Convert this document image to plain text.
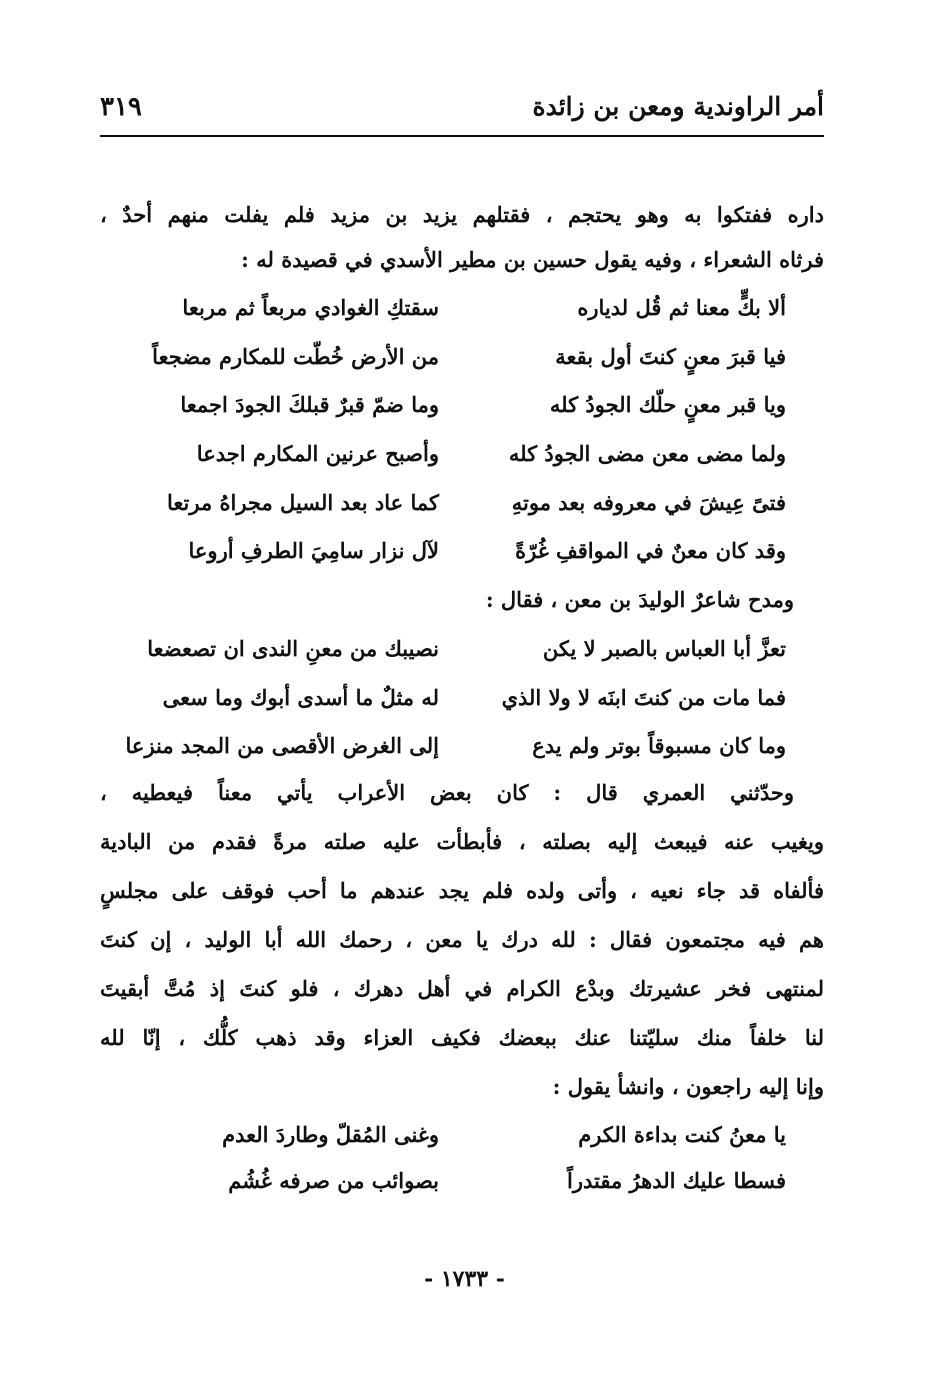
أمر الراوندية ومعن بن زائدة
٣١٩

داره ففتكوا به وهو يحتجم ، فقتلهم يزيد بن مزيد فلم يفلت منهم أحدٌ ،

فرثاه الشعراء ، وفيه يقول حسين بن مطير الأسدي في قصيدة له :

ألا بكٍّ معنا ثم قُل لدياره

سقتكِ الغوادي مربعاً ثم مربعا

فيا قبرَ معنٍ كنتَ أول بقعة

من الأرض خُطّت للمكارم مضجعاً

ويا قبر معنٍ حلّك الجودُ كله

وما ضمّ قبرٌ قبلكَ الجودَ اجمعا

ولما مضى معن مضى الجودُ كله

وأصبح عرنين المكارم اجدعا

فتىً عِيشَ في معروفه بعد موتهِ

كما عاد بعد السيل مجراهُ مرتعا

وقد كان معنٌ في المواقفِ غُرّةً

لآل نزار سامِيَ الطرفِ أروعا

ومدح شاعرٌ الوليدَ بن معن ، فقال :

تعزَّ أبا العباس بالصبر لا يكن

نصيبك من معنِ الندى ان تصعضعا

فما مات من كنتَ ابنَه لا ولا الذي

له مثلٌ ما أسدى أبوك وما سعى

وما كان مسبوقاً بوتر ولم يدع

إلى الغرض الأقصى من المجد منزعا

وحدّثني العمري قال : كان بعض الأعراب يأتي معناً فيعطيه ،

ويغيب عنه فيبعث إليه بصلته ، فأبطأت عليه صلته مرةً فقدم من البادية

فألفاه قد جاء نعيه ، وأتى ولده فلم يجد عندهم ما أحب فوقف على مجلسٍ

هم فيه مجتمعون فقال : لله درك يا معن ، رحمك الله أبا الوليد ، إن كنتَ

لمنتهى فخر عشيرتك وبدْع الكرام في أهل دهرك ، فلو كنتَ إذ مُتَّ أبقيتَ

لنا خلفاً منك سليّتنا عنك ببعضك فكيف العزاء وقد ذهب كلُّك ، إنّا لله

وإنا إليه راجعون ، وانشأ يقول :

يا معنُ كنت بداءة الكرم

وغنى المُقلّ وطاردَ العدم

فسطا عليك الدهرُ مقتدراً

بصوائب من صرفه غُشُم

- ١٧٣٣ -
